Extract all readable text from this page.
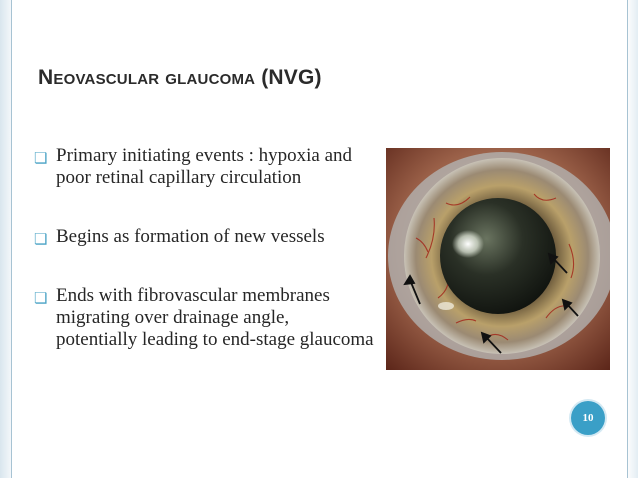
NEOVASCULAR GLAUCOMA (NVG)
❏ Primary initiating events : hypoxia and poor retinal capillary circulation
❏ Begins as formation of new vessels
❏ Ends with fibrovascular membranes migrating over drainage angle, potentially leading to end-stage glaucoma
10
